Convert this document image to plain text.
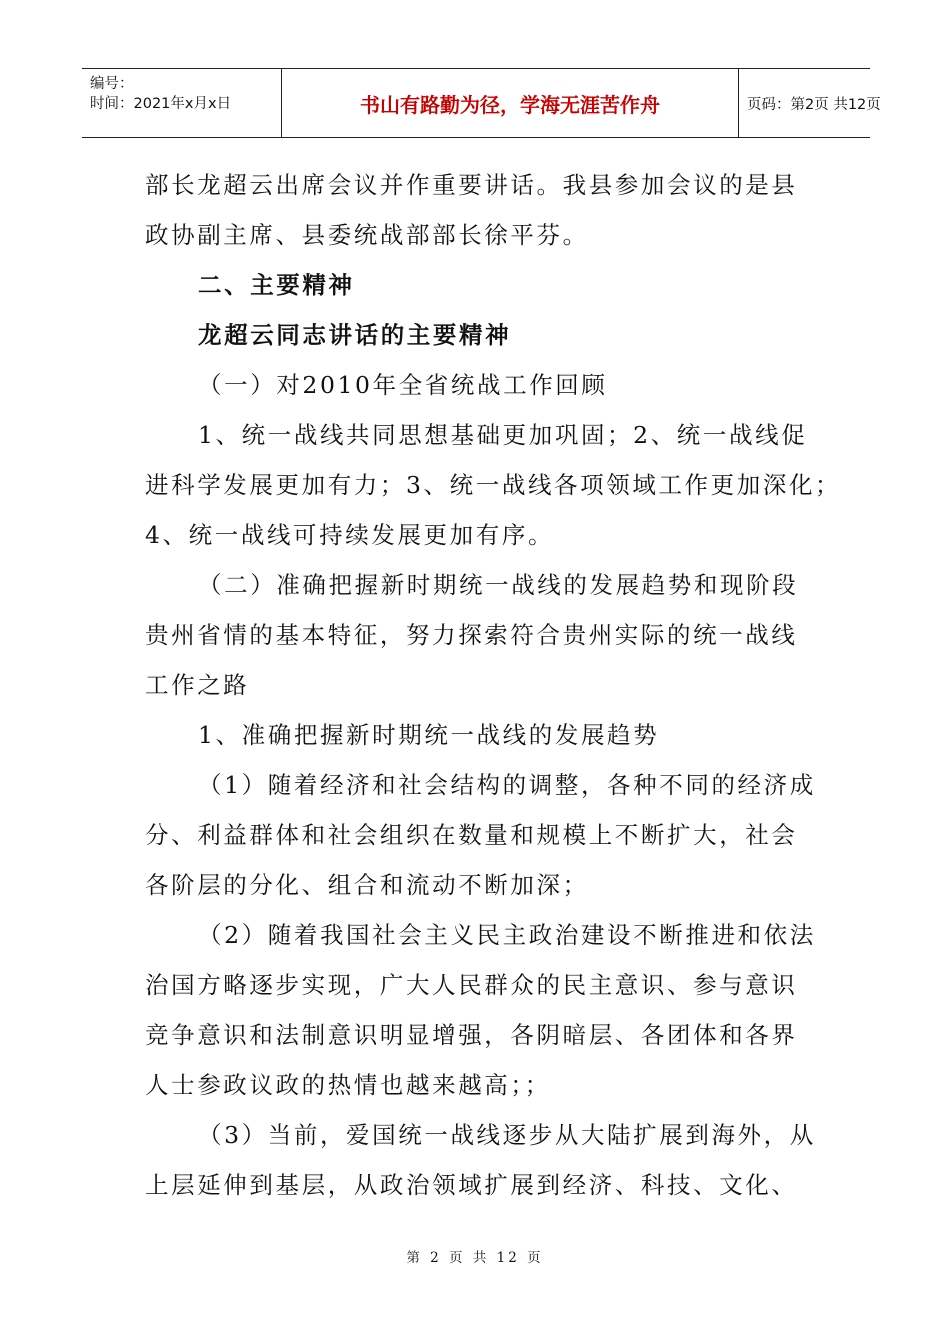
编号：
时间：2021年x月x日	书山有路勤为径，学海无涯苦作舟	页码：第2页 共12页
部长龙超云出席会议并作重要讲话。我县参加会议的是县
政协副主席、县委统战部部长徐平芬。
二、主要精神
龙超云同志讲话的主要精神
（一）对2010年全省统战工作回顾
1、统一战线共同思想基础更加巩固；2、统一战线促
进科学发展更加有力；3、统一战线各项领域工作更加深化；
4、统一战线可持续发展更加有序。
（二）准确把握新时期统一战线的发展趋势和现阶段
贵州省情的基本特征，努力探索符合贵州实际的统一战线
工作之路
1、准确把握新时期统一战线的发展趋势
（1）随着经济和社会结构的调整，各种不同的经济成
分、利益群体和社会组织在数量和规模上不断扩大，社会
各阶层的分化、组合和流动不断加深；
（2）随着我国社会主义民主政治建设不断推进和依法
治国方略逐步实现，广大人民群众的民主意识、参与意识
竞争意识和法制意识明显增强，各阴暗层、各团体和各界
人士参政议政的热情也越来越高；；
（3）当前，爱国统一战线逐步从大陆扩展到海外，从
上层延伸到基层，从政治领域扩展到经济、科技、文化、
第 2 页 共 12 页
